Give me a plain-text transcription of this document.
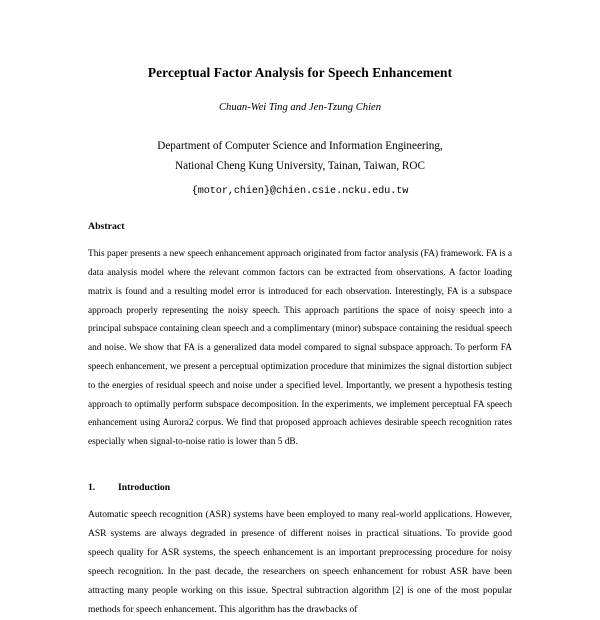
Perceptual Factor Analysis for Speech Enhancement
Chuan-Wei Ting and Jen-Tzung Chien
Department of Computer Science and Information Engineering,
National Cheng Kung University, Tainan, Taiwan, ROC
{motor,chien}@chien.csie.ncku.edu.tw
Abstract

This paper presents a new speech enhancement approach originated from factor analysis (FA) framework. FA is a data analysis model where the relevant common factors can be extracted from observations. A factor loading matrix is found and a resulting model error is introduced for each observation. Interestingly, FA is a subspace approach properly representing the noisy speech. This approach partitions the space of noisy speech into a principal subspace containing clean speech and a complimentary (minor) subspace containing the residual speech and noise. We show that FA is a generalized data model compared to signal subspace approach. To perform FA speech enhancement, we present a perceptual optimization procedure that minimizes the signal distortion subject to the energies of residual speech and noise under a specified level. Importantly, we present a hypothesis testing approach to optimally perform subspace decomposition. In the experiments, we implement perceptual FA speech enhancement using Aurora2 corpus. We find that proposed approach achieves desirable speech recognition rates especially when signal-to-noise ratio is lower than 5 dB.

1. Introduction

Automatic speech recognition (ASR) systems have been employed to many real-world applications. However, ASR systems are always degraded in presence of different noises in practical situations. To provide good speech quality for ASR systems, the speech enhancement is an important preprocessing procedure for noisy speech recognition. In the past decade, the researchers on speech enhancement for robust ASR have been attracting many people working on this issue. Spectral subtraction algorithm [2] is one of the most popular methods for speech enhancement. This algorithm has the drawbacks of
